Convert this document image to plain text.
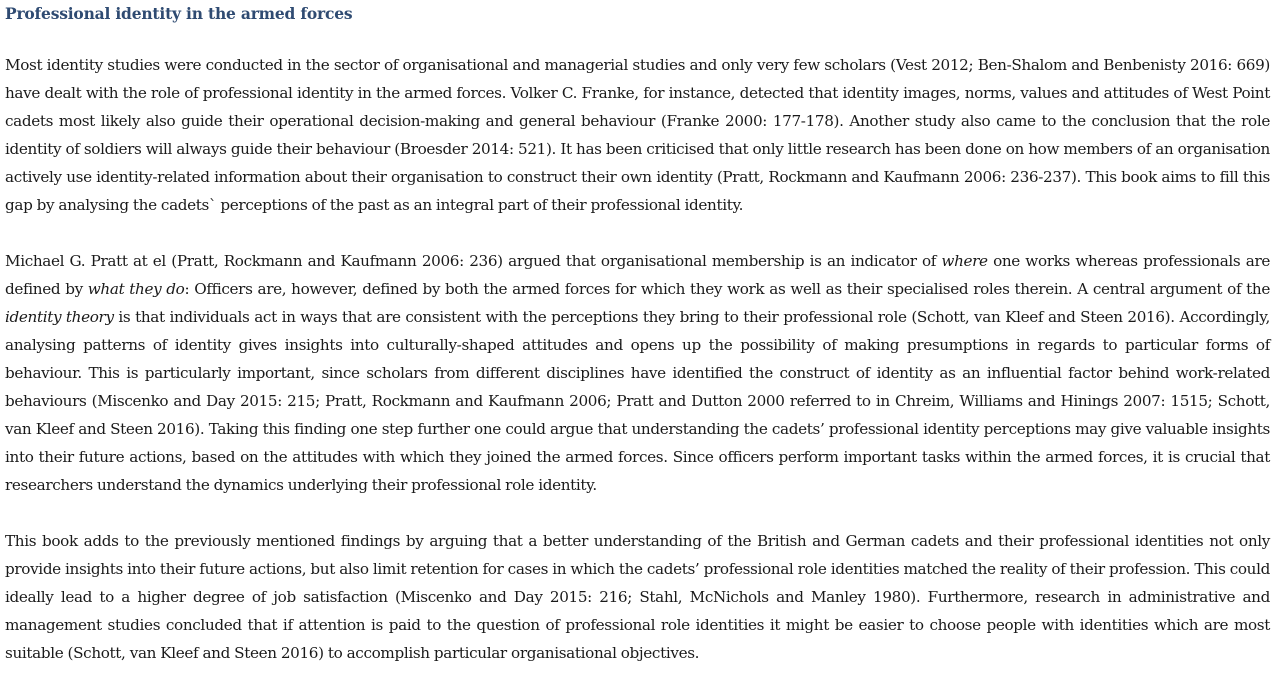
Professional identity in the armed forces

Most identity studies were conducted in the sector of organisational and managerial studies and only very few scholars (Vest 2012; Ben-Shalom and Benbenisty 2016: 669) have dealt with the role of professional identity in the armed forces. Volker C. Franke, for instance, detected that identity images, norms, values and attitudes of West Point cadets most likely also guide their operational decision-making and general behaviour (Franke 2000: 177-178). Another study also came to the conclusion that the role identity of soldiers will always guide their behaviour (Broesder 2014: 521). It has been criticised that only little research has been done on how members of an organisation actively use identity-related information about their organisation to construct their own identity (Pratt, Rockmann and Kaufmann 2006: 236-237). This book aims to fill this gap by analysing the cadets` perceptions of the past as an integral part of their professional identity.

Michael G. Pratt at el (Pratt, Rockmann and Kaufmann 2006: 236) argued that organisational membership is an indicator of where one works whereas professionals are defined by what they do: Officers are, however, defined by both the armed forces for which they work as well as their specialised roles therein. A central argument of the identity theory is that individuals act in ways that are consistent with the perceptions they bring to their professional role (Schott, van Kleef and Steen 2016). Accordingly, analysing patterns of identity gives insights into culturally-shaped attitudes and opens up the possibility of making presumptions in regards to particular forms of behaviour. This is particularly important, since scholars from different disciplines have identified the construct of identity as an influential factor behind work-related behaviours (Miscenko and Day 2015: 215; Pratt, Rockmann and Kaufmann 2006; Pratt and Dutton 2000 referred to in Chreim, Williams and Hinings 2007: 1515; Schott, van Kleef and Steen 2016). Taking this finding one step further one could argue that understanding the cadets’ professional identity perceptions may give valuable insights into their future actions, based on the attitudes with which they joined the armed forces. Since officers perform important tasks within the armed forces, it is crucial that researchers understand the dynamics underlying their professional role identity.

This book adds to the previously mentioned findings by arguing that a better understanding of the British and German cadets and their professional identities not only provide insights into their future actions, but also limit retention for cases in which the cadets’ professional role identities matched the reality of their profession. This could ideally lead to a higher degree of job satisfaction (Miscenko and Day 2015: 216; Stahl, McNichols and Manley 1980). Furthermore, research in administrative and management studies concluded that if attention is paid to the question of professional role identities it might be easier to choose people with identities which are most suitable (Schott, van Kleef and Steen 2016) to accomplish particular organisational objectives.
